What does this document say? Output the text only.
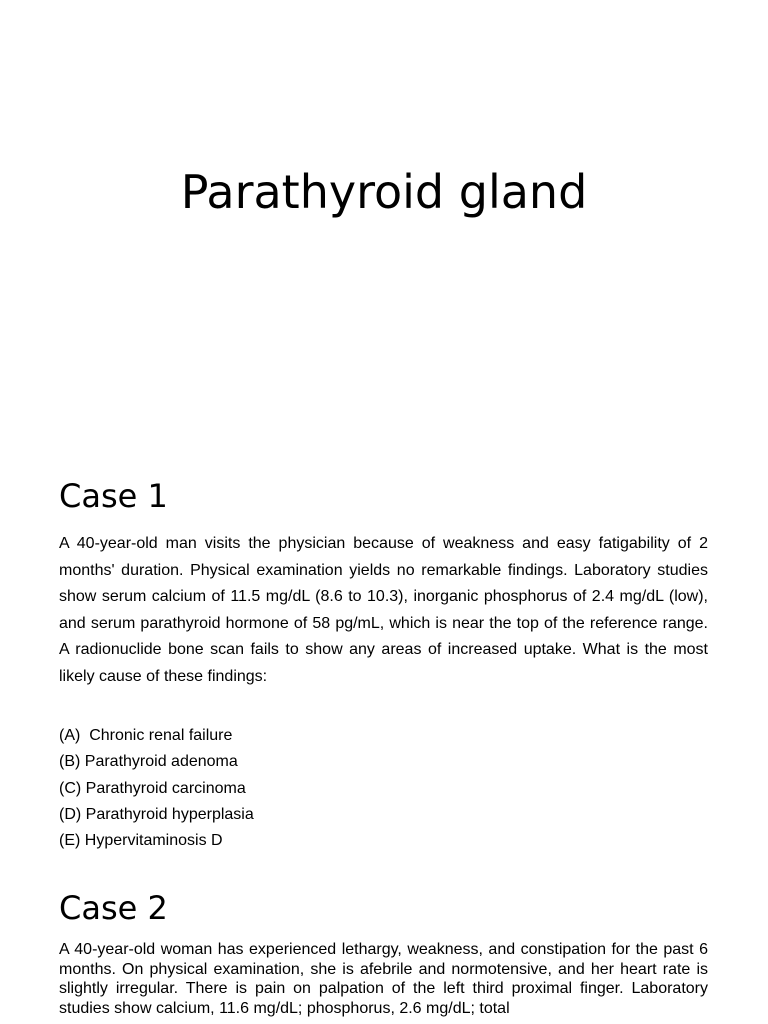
Parathyroid gland
Case 1

A 40-year-old man visits the physician because of weakness and easy fatigability of 2 months' duration. Physical examination yields no remarkable findings. Laboratory studies show serum calcium of 11.5 mg/dL (8.6 to 10.3), inorganic phosphorus of 2.4 mg/dL (low), and serum parathyroid hormone of 58 pg/mL, which is near the top of the reference range. A radionuclide bone scan fails to show any areas of increased uptake. What is the most likely cause of these findings:

(A)  Chronic renal failure
(B) Parathyroid adenoma
(C) Parathyroid carcinoma
(D) Parathyroid hyperplasia
(E) Hypervitaminosis D
Case 2

A 40-year-old woman has experienced lethargy, weakness, and constipation for the past 6 months. On physical examination, she is afebrile and normotensive, and her heart rate is slightly irregular. There is pain on palpation of the left third proximal finger. Laboratory studies show calcium, 11.6 mg/dL; phosphorus, 2.6 mg/dL; total
